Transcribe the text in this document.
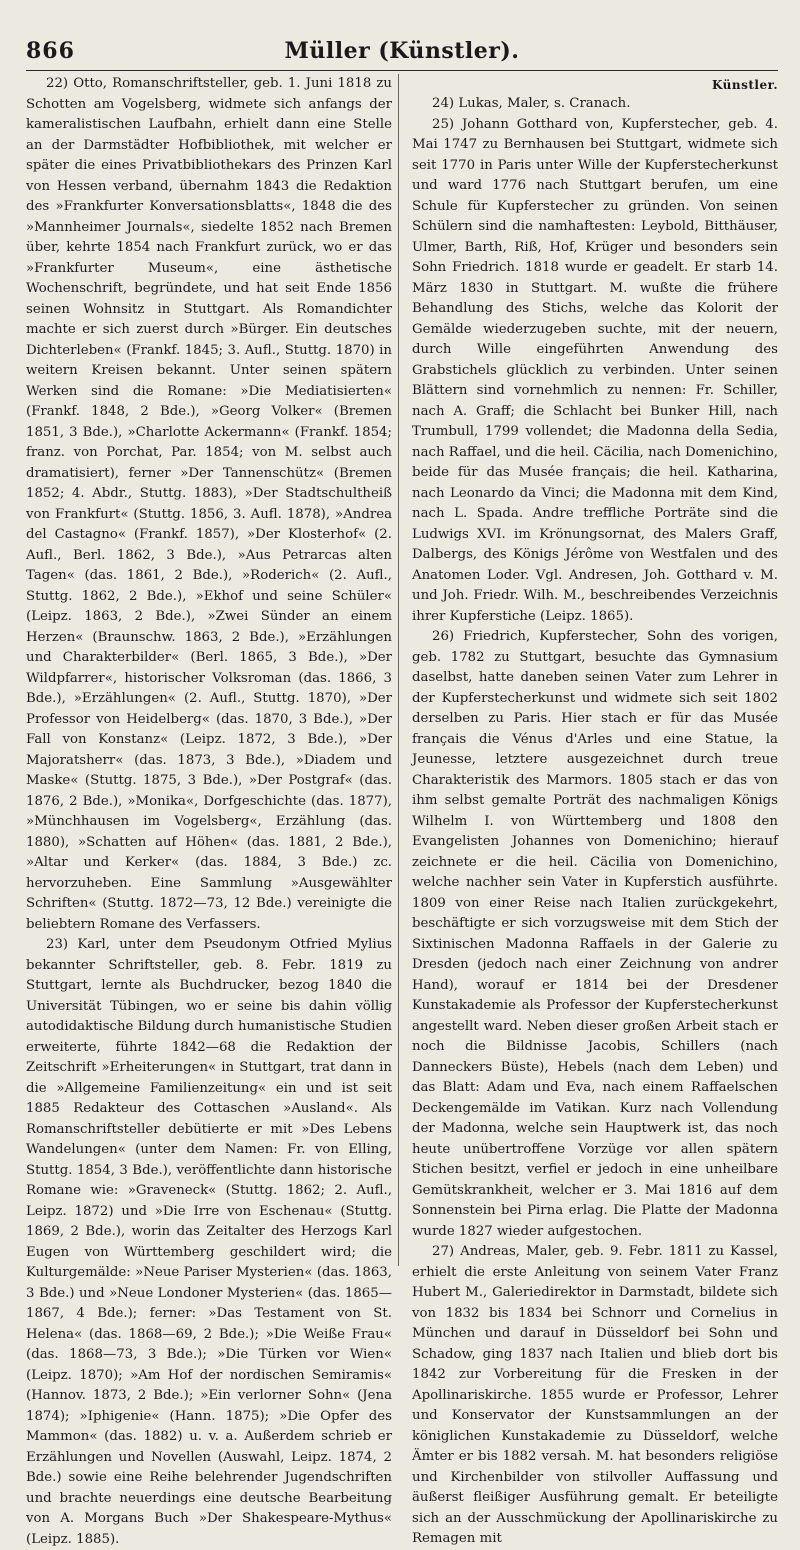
866	Müller (Künstler).

22) Otto, Romanschriftsteller, geb. 1. Juni 1818 zu Schotten am Vogelsberg, widmete sich anfangs der kameralistischen Laufbahn, erhielt dann eine Stelle an der Darmstädter Hofbibliothek, mit welcher er später die eines Privatbibliothekars des Prinzen Karl von Hessen verband, übernahm 1843 die Redaktion des »Frankfurter Konversationsblatts«, 1848 die des »Mannheimer Journals«, siedelte 1852 nach Bremen über, kehrte 1854 nach Frankfurt zurück, wo er das »Frankfurter Museum«, eine ästhetische Wochenschrift, begründete, und hat seit Ende 1856 seinen Wohnsitz in Stuttgart. Als Romandichter machte er sich zuerst durch »Bürger. Ein deutsches Dichterleben« (Frankf. 1845; 3. Aufl., Stuttg. 1870) in weitern Kreisen bekannt. Unter seinen spätern Werken sind die Romane: »Die Mediatisierten« (Frankf. 1848, 2 Bde.), »Georg Volker« (Bremen 1851, 3 Bde.), »Charlotte Ackermann« (Frankf. 1854; franz. von Porchat, Par. 1854; von M. selbst auch dramatisiert), ferner »Der Tannenschütz« (Bremen 1852; 4. Abdr., Stuttg. 1883), »Der Stadtschultheiß von Frankfurt« (Stuttg. 1856, 3. Aufl. 1878), »Andrea del Castagno« (Frankf. 1857), »Der Klosterhof« (2. Aufl., Berl. 1862, 3 Bde.), »Aus Petrarcas alten Tagen« (das. 1861, 2 Bde.), »Roderich« (2. Aufl., Stuttg. 1862, 2 Bde.), »Ekhof und seine Schüler« (Leipz. 1863, 2 Bde.), »Zwei Sünder an einem Herzen« (Braunschw. 1863, 2 Bde.), »Erzählungen und Charakterbilder« (Berl. 1865, 3 Bde.), »Der Wildpfarrer«, historischer Volksroman (das. 1866, 3 Bde.), »Erzählungen« (2. Aufl., Stuttg. 1870), »Der Professor von Heidelberg« (das. 1870, 3 Bde.), »Der Fall von Konstanz« (Leipz. 1872, 3 Bde.), »Der Majoratsherr« (das. 1873, 3 Bde.), »Diadem und Maske« (Stuttg. 1875, 3 Bde.), »Der Postgraf« (das. 1876, 2 Bde.), »Monika«, Dorfgeschichte (das. 1877), »Münchhausen im Vogelsberg«, Erzählung (das. 1880), »Schatten auf Höhen« (das. 1881, 2 Bde.), »Altar und Kerker« (das. 1884, 3 Bde.) zc. hervorzuheben. Eine Sammlung »Ausgewählter Schriften« (Stuttg. 1872—73, 12 Bde.) vereinigte die beliebtern Romane des Verfassers.

23) Karl, unter dem Pseudonym Otfried Mylius bekannter Schriftsteller, geb. 8. Febr. 1819 zu Stuttgart, lernte als Buchdrucker, bezog 1840 die Universität Tübingen, wo er seine bis dahin völlig autodidaktische Bildung durch humanistische Studien erweiterte, führte 1842—68 die Redaktion der Zeitschrift »Erheiterungen« in Stuttgart, trat dann in die »Allgemeine Familienzeitung« ein und ist seit 1885 Redakteur des Cottaschen »Ausland«. Als Romanschriftsteller debütierte er mit »Des Lebens Wandelungen« (unter dem Namen: Fr. von Elling, Stuttg. 1854, 3 Bde.), veröffentlichte dann historische Romane wie: »Graveneck« (Stuttg. 1862; 2. Aufl., Leipz. 1872) und »Die Irre von Eschenau« (Stuttg. 1869, 2 Bde.), worin das Zeitalter des Herzogs Karl Eugen von Württemberg geschildert wird; die Kulturgemälde: »Neue Pariser Mysterien« (das. 1863, 3 Bde.) und »Neue Londoner Mysterien« (das. 1865—1867, 4 Bde.); ferner: »Das Testament von St. Helena« (das. 1868—69, 2 Bde.); »Die Weiße Frau« (das. 1868—73, 3 Bde.); »Die Türken vor Wien« (Leipz. 1870); »Am Hof der nordischen Semiramis« (Hannov. 1873, 2 Bde.); »Ein verlorner Sohn« (Jena 1874); »Iphigenie« (Hann. 1875); »Die Opfer des Mammon« (das. 1882) u. v. a. Außerdem schrieb er Erzählungen und Novellen (Auswahl, Leipz. 1874, 2 Bde.) sowie eine Reihe belehrender Jugendschriften und brachte neuerdings eine deutsche Bearbeitung von A. Morgans Buch »Der Shakespeare-Mythus« (Leipz. 1885).

Künstler.

24) Lukas, Maler, s. Cranach.

25) Johann Gotthard von, Kupferstecher, geb. 4. Mai 1747 zu Bernhausen bei Stuttgart, widmete sich seit 1770 in Paris unter Wille der Kupferstecherkunst und ward 1776 nach Stuttgart berufen, um eine Schule für Kupferstecher zu gründen. Von seinen Schülern sind die namhaftesten: Leybold, Bitthäuser, Ulmer, Barth, Riß, Hof, Krüger und besonders sein Sohn Friedrich. 1818 wurde er geadelt. Er starb 14. März 1830 in Stuttgart. M. wußte die frühere Behandlung des Stichs, welche das Kolorit der Gemälde wiederzugeben suchte, mit der neuern, durch Wille eingeführten Anwendung des Grabstichels glücklich zu verbinden. Unter seinen Blättern sind vornehmlich zu nennen: Fr. Schiller, nach A. Graff; die Schlacht bei Bunker Hill, nach Trumbull, 1799 vollendet; die Madonna della Sedia, nach Raffael, und die heil. Cäcilia, nach Domenichino, beide für das Musée français; die heil. Katharina, nach Leonardo da Vinci; die Madonna mit dem Kind, nach L. Spada. Andre treffliche Porträte sind die Ludwigs XVI. im Krönungsornat, des Malers Graff, Dalbergs, des Königs Jérôme von Westfalen und des Anatomen Loder. Vgl. Andresen, Joh. Gotthard v. M. und Joh. Friedr. Wilh. M., beschreibendes Verzeichnis ihrer Kupferstiche (Leipz. 1865).

26) Friedrich, Kupferstecher, Sohn des vorigen, geb. 1782 zu Stuttgart, besuchte das Gymnasium daselbst, hatte daneben seinen Vater zum Lehrer in der Kupferstecherkunst und widmete sich seit 1802 derselben zu Paris. Hier stach er für das Musée français die Vénus d'Arles und eine Statue, la Jeunesse, letztere ausgezeichnet durch treue Charakteristik des Marmors. 1805 stach er das von ihm selbst gemalte Porträt des nachmaligen Königs Wilhelm I. von Württemberg und 1808 den Evangelisten Johannes von Domenichino; hierauf zeichnete er die heil. Cäcilia von Domenichino, welche nachher sein Vater in Kupferstich ausführte. 1809 von einer Reise nach Italien zurückgekehrt, beschäftigte er sich vorzugsweise mit dem Stich der Sixtinischen Madonna Raffaels in der Galerie zu Dresden (jedoch nach einer Zeichnung von andrer Hand), worauf er 1814 bei der Dresdener Kunstakademie als Professor der Kupferstecherkunst angestellt ward. Neben dieser großen Arbeit stach er noch die Bildnisse Jacobis, Schillers (nach Danneckers Büste), Hebels (nach dem Leben) und das Blatt: Adam und Eva, nach einem Raffaelschen Deckengemälde im Vatikan. Kurz nach Vollendung der Madonna, welche sein Hauptwerk ist, das noch heute unübertroffene Vorzüge vor allen spätern Stichen besitzt, verfiel er jedoch in eine unheilbare Gemütskrankheit, welcher er 3. Mai 1816 auf dem Sonnenstein bei Pirna erlag. Die Platte der Madonna wurde 1827 wieder aufgestochen.

27) Andreas, Maler, geb. 9. Febr. 1811 zu Kassel, erhielt die erste Anleitung von seinem Vater Franz Hubert M., Galeriedirektor in Darmstadt, bildete sich von 1832 bis 1834 bei Schnorr und Cornelius in München und darauf in Düsseldorf bei Sohn und Schadow, ging 1837 nach Italien und blieb dort bis 1842 zur Vorbereitung für die Fresken in der Apollinariskirche. 1855 wurde er Professor, Lehrer und Konservator der Kunstsammlungen an der königlichen Kunstakademie zu Düsseldorf, welche Ämter er bis 1882 versah. M. hat besonders religiöse und Kirchenbilder von stilvoller Auffassung und äußerst fleißiger Ausführung gemalt. Er beteiligte sich an der Ausschmückung der Apollinariskirche zu Remagen mit
